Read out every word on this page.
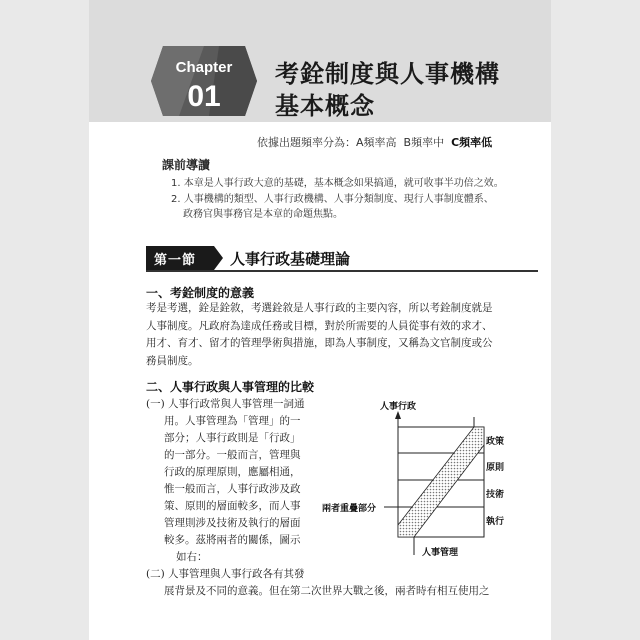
Chapter
01
考銓制度與人事機構
基本概念
依據出題頻率分為：A頻率高 B頻率中 C頻率低
課前導讀
1. 本章是人事行政大意的基礎，基本概念如果搞通，就可收事半功倍之效。
2. 人事機構的類型、人事行政機構、人事分類制度、現行人事制度體系、
政務官與事務官是本章的命題焦點。
第一節 人事行政基礎理論
一、考銓制度的意義
考是考選，銓是銓敘，考選銓敘是人事行政的主要內容，所以考銓制度就是
人事制度。凡政府為達成任務或目標，對於所需要的人員從事有效的求才、
用才、育才、留才的管理學術與措施，即為人事制度，又稱為文官制度或公
務員制度。
二、人事行政與人事管理的比較
(一) 人事行政常與人事管理一詞通
用。人事管理為「管理」的一
部分；人事行政則是「行政」
的一部分。一般而言，管理與
行政的原理原則，應屬相通，
惟一般而言，人事行政涉及政
策、原則的層面較多，而人事
管理則涉及技術及執行的層面
較多。茲將兩者的關係，圖示
如右：
(二) 人事管理與人事行政各有其發
展背景及不同的意義。但在第二次世界大戰之後，兩者時有相互使用之
人事行政
政策
原則
技術
執行
兩者重疊部分
人事管理
